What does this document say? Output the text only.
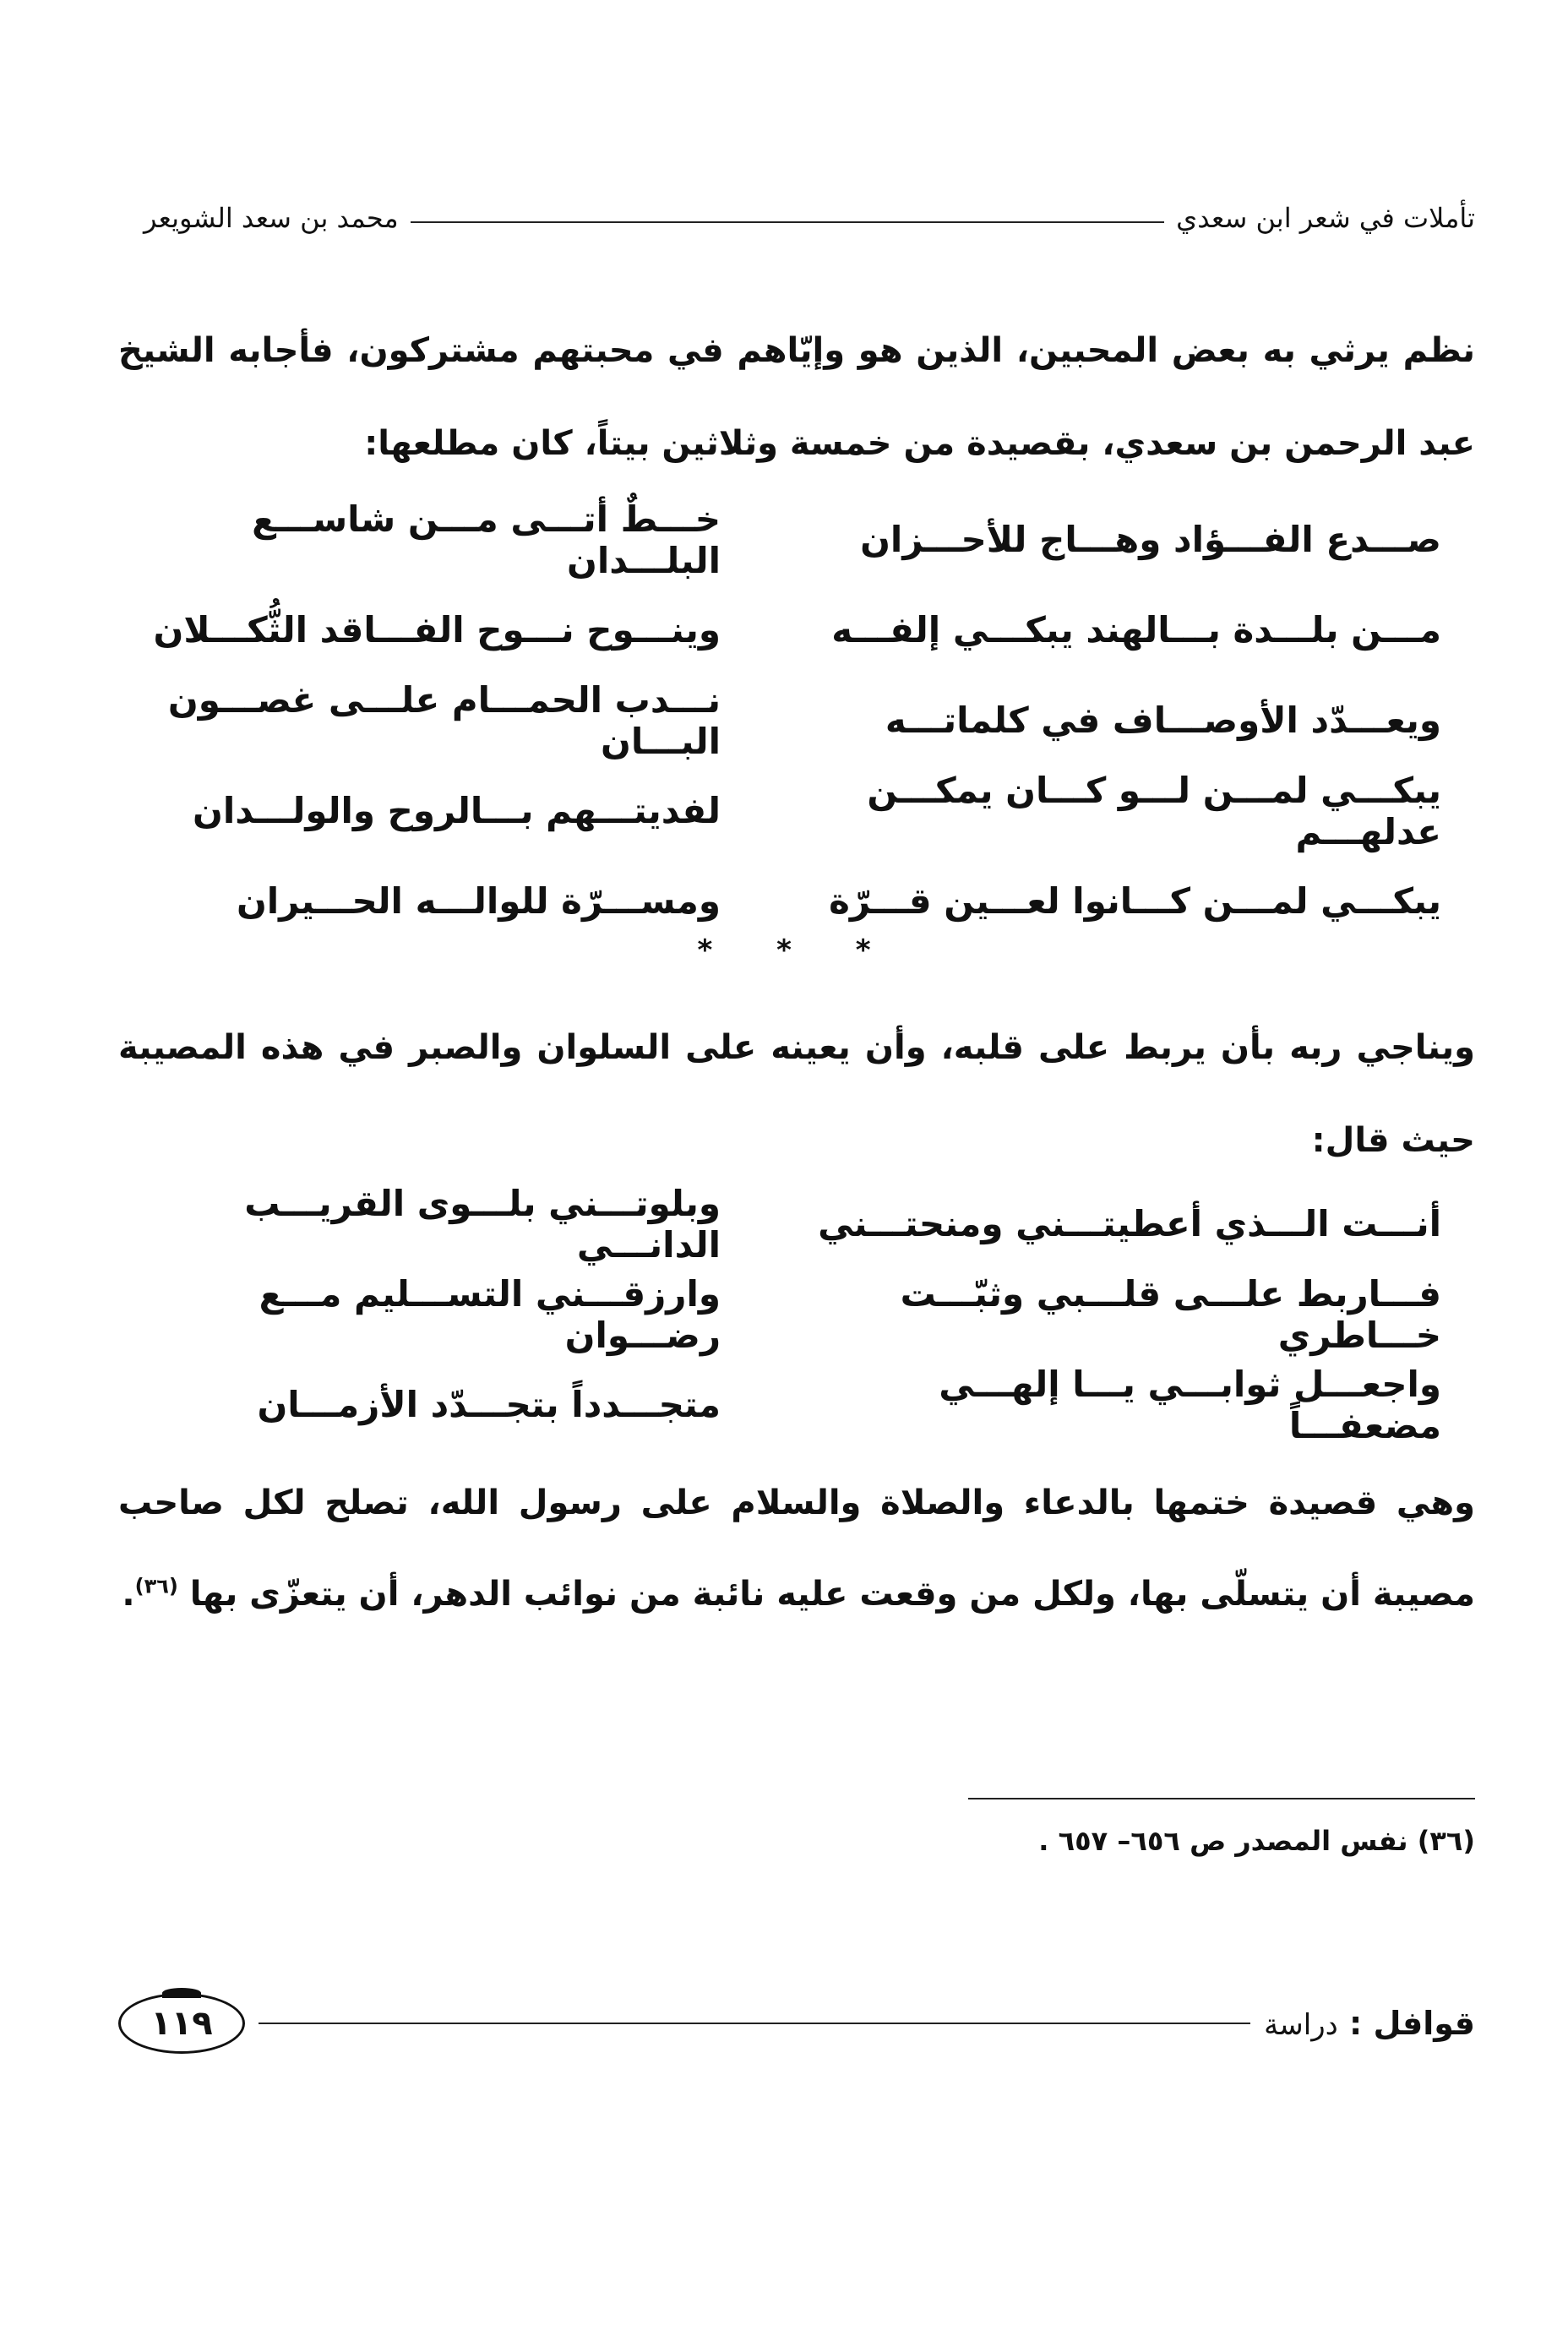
تأملات في شعر ابن سعدي
محمد بن سعد الشويعر
نظم يرثي به بعض المحبين، الذين هو وإيّاهم في محبتهم مشتركون، فأجابه الشيخ عبد الرحمن بن سعدي، بقصيدة من خمسة وثلاثين بيتاً، كان مطلعها:
صـــدع الفـــؤاد وهـــاج للأحـــزان
خـــطٌ أتـــى مـــن شاســـع البلـــدان
مـــن بلـــدة بـــالهند يبكـــي إلفـــه
وينـــوح نـــوح الفـــاقد الثُّكـــلان
ويعـــدّد الأوصـــاف في كلماتـــه
نـــدب الحمـــام علـــى غصـــون البـــان
يبكـــي لمـــن لـــو كـــان يمكـــن عدلهـــم
لفديتـــهم بـــالروح والولـــدان
يبكـــي لمـــن كـــانوا لعـــين قـــرّة
ومســـرّة للوالـــه الحـــيران
* * *
ويناجي ربه بأن يربط على قلبه، وأن يعينه على السلوان والصبر في هذه المصيبة حيث قال:
أنـــت الـــذي أعطيتـــني ومنحتـــني
وبلوتـــني بلـــوى القريـــب الدانـــي
فـــاربط علـــى قلـــبي وثبّـــت خـــاطري
وارزقـــني التســـليم مـــع رضـــوان
واجعـــل ثوابـــي يـــا إلهـــي مضعفـــاً
متجـــدداً بتجـــدّد الأزمـــان
وهي قصيدة ختمها بالدعاء والصلاة والسلام على رسول الله، تصلح لكل صاحب مصيبة أن يتسلّى بها، ولكل من وقعت عليه نائبة من نوائب الدهر، أن يتعزّى بها $^{(٣٦)}$.
(٣٦) نفس المصدر ص ٦٥٦– ٦٥٧ .
قوافل : دراسة
١١٩
